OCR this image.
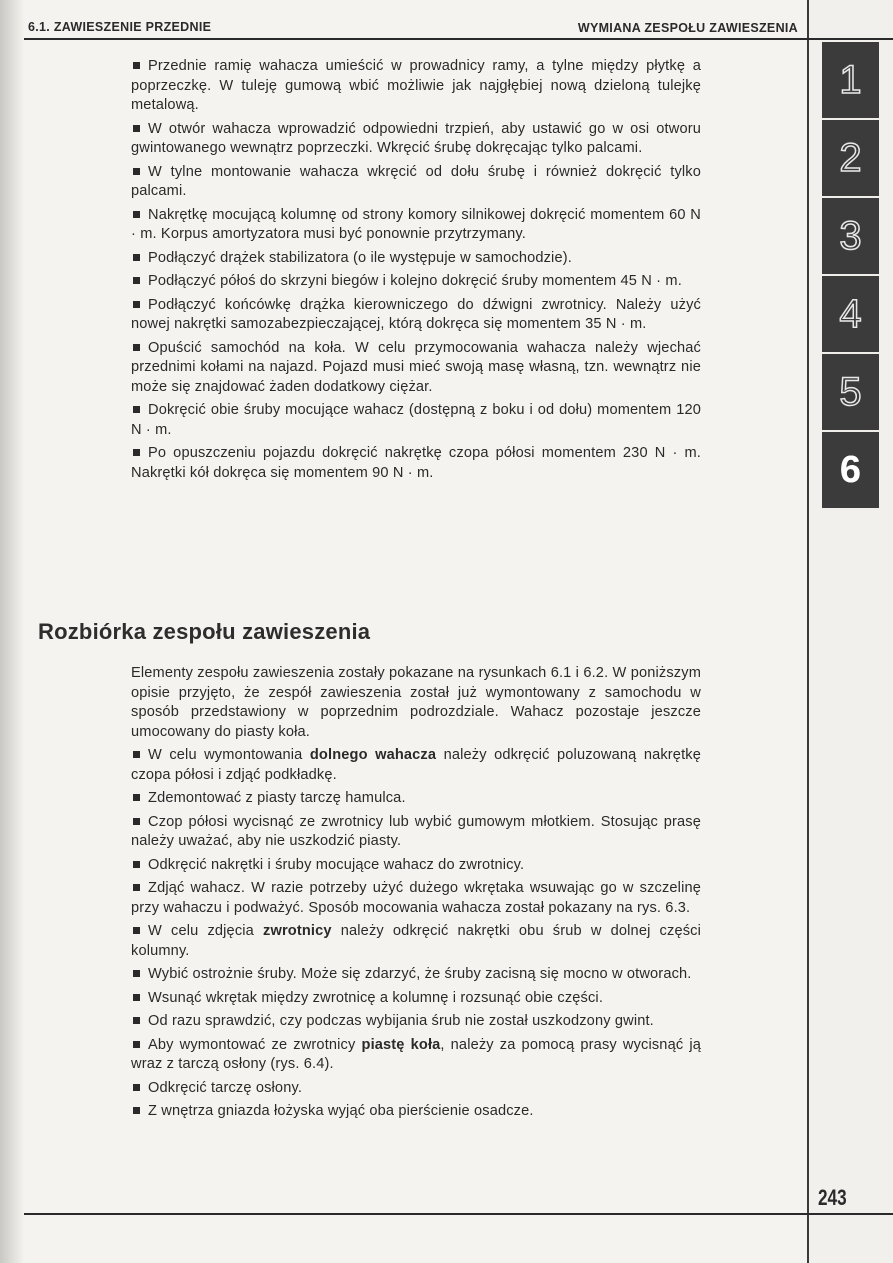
6.1. ZAWIESZENIE PRZEDNIE	WYMIANA ZESPOŁU ZAWIESZENIA
1
2
3
4
5
6

Przednie ramię wahacza umieścić w prowadnicy ramy, a tylne między płytkę a poprzeczkę. W tuleję gumową wbić możliwie jak najgłębiej nową dzieloną tulejkę metalową.

W otwór wahacza wprowadzić odpowiedni trzpień, aby ustawić go w osi otworu gwintowanego wewnątrz poprzeczki. Wkręcić śrubę dokręcając tylko palcami.

W tylne montowanie wahacza wkręcić od dołu śrubę i również dokręcić tylko palcami.

Nakrętkę mocującą kolumnę od strony komory silnikowej dokręcić momentem 60 N · m. Korpus amortyzatora musi być ponownie przytrzymany.

Podłączyć drążek stabilizatora (o ile występuje w samochodzie).

Podłączyć półoś do skrzyni biegów i kolejno dokręcić śruby momentem 45 N · m.

Podłączyć końcówkę drążka kierowniczego do dźwigni zwrotnicy. Należy użyć nowej nakrętki samozabezpieczającej, którą dokręca się momentem 35 N · m.

Opuścić samochód na koła. W celu przymocowania wahacza należy wjechać przednimi kołami na najazd. Pojazd musi mieć swoją masę własną, tzn. wewnątrz nie może się znajdować żaden dodatkowy ciężar.

Dokręcić obie śruby mocujące wahacz (dostępną z boku i od dołu) momentem 120 N · m.

Po opuszczeniu pojazdu dokręcić nakrętkę czopa półosi momentem 230 N · m. Nakrętki kół dokręca się momentem 90 N · m.

Rozbiórka zespołu zawieszenia

Elementy zespołu zawieszenia zostały pokazane na rysunkach 6.1 i 6.2. W poniższym opisie przyjęto, że zespół zawieszenia został już wymontowany z samochodu w sposób przedstawiony w poprzednim podrozdziale. Wahacz pozostaje jeszcze umocowany do piasty koła.

W celu wymontowania dolnego wahacza należy odkręcić poluzowaną nakrętkę czopa półosi i zdjąć podkładkę.

Zdemontować z piasty tarczę hamulca.

Czop półosi wycisnąć ze zwrotnicy lub wybić gumowym młotkiem. Stosując prasę należy uważać, aby nie uszkodzić piasty.

Odkręcić nakrętki i śruby mocujące wahacz do zwrotnicy.

Zdjąć wahacz. W razie potrzeby użyć dużego wkrętaka wsuwając go w szczelinę przy wahaczu i podważyć. Sposób mocowania wahacza został pokazany na rys. 6.3.

W celu zdjęcia zwrotnicy należy odkręcić nakrętki obu śrub w dolnej części kolumny.

Wybić ostrożnie śruby. Może się zdarzyć, że śruby zacisną się mocno w otworach.

Wsunąć wkrętak między zwrotnicę a kolumnę i rozsunąć obie części.

Od razu sprawdzić, czy podczas wybijania śrub nie został uszkodzony gwint.

Aby wymontować ze zwrotnicy piastę koła, należy za pomocą prasy wycisnąć ją wraz z tarczą osłony (rys. 6.4).

Odkręcić tarczę osłony.

Z wnętrza gniazda łożyska wyjąć oba pierścienie osadcze.

243
